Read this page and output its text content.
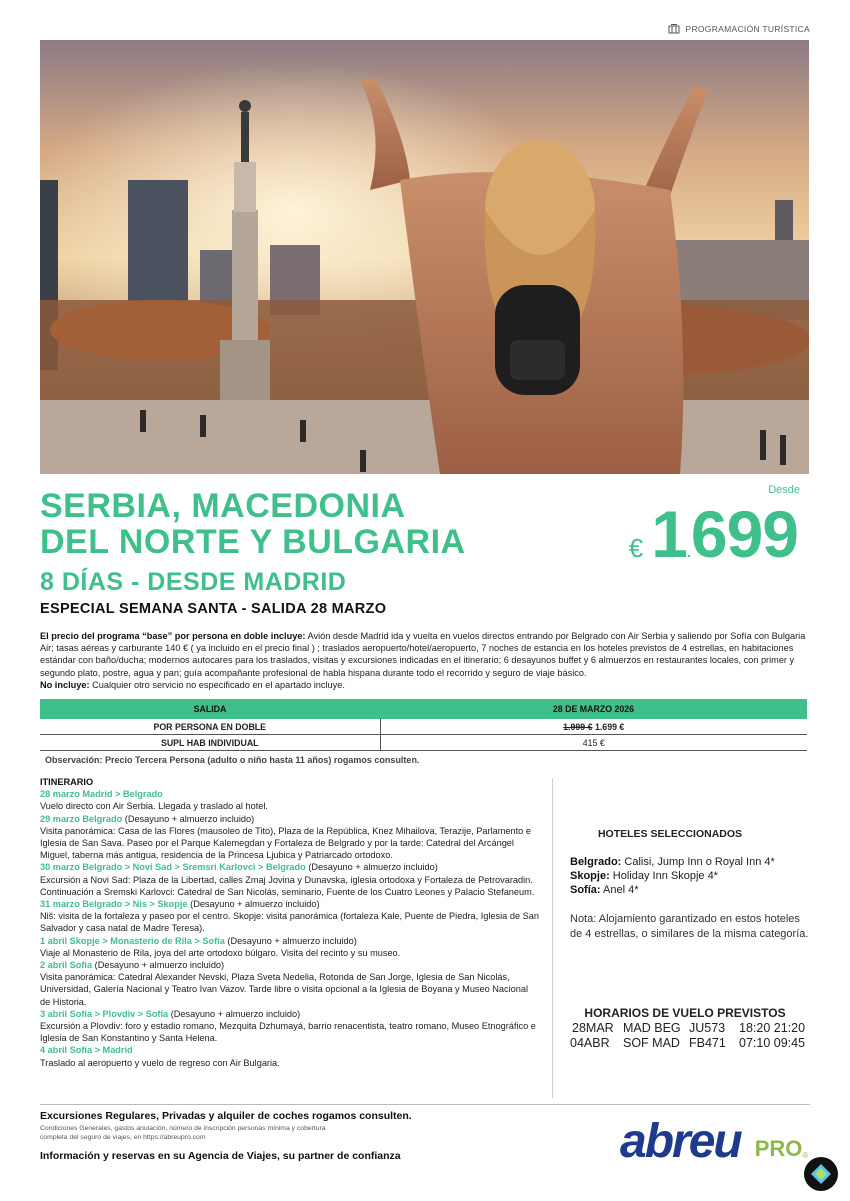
PROGRAMACIÓN TURÍSTICA
SERBIA, MACEDONIA
DEL NORTE Y BULGARIA
8 DÍAS - DESDE MADRID
ESPECIAL SEMANA SANTA - SALIDA 28 MARZO
Desde
€ 1 . 699
El precio del programa “base” por persona en doble incluye: Avión desde Madrid ida y vuelta en vuelos directos entrando por Belgrado con Air Serbia y saliendo por Sofía con Bulgaria Air; tasas aéreas y carburante 140 € ( ya incluido en el precio final ) ; traslados aeropuerto/hotel/aeropuerto, 7 noches de estancia en los hoteles previstos de 4 estrellas, en habitaciones estándar con baño/ducha; modernos autocares para los traslados, visitas y excursiones indicadas en el itinerario; 6 desayunos buffet y 6 almuerzos en restaurantes locales, con primer y segundo plato, postre, agua y pan; guía acompañante profesional de habla hispana durante todo el recorrido y seguro de viaje básico.
No incluye: Cualquier otro servicio no especificado en el apartado incluye.
SALIDA	28 DE MARZO 2026
POR PERSONA EN DOBLE	1.999 € 1.699 €
SUPL HAB INDIVIDUAL	415 €
Observación: Precio Tercera Persona (adulto o niño hasta 11 años) rogamos consulten.
ITINERARIO
28 marzo Madrid > Belgrado
Vuelo directo con Air Serbia. Llegada y traslado al hotel.
29 marzo Belgrado (Desayuno + almuerzo incluido)
Visita panorámica: Casa de las Flores (mausoleo de Tito), Plaza de la República, Knez Mihailova, Terazije, Parlamento e Iglesia de San Sava. Paseo por el Parque Kalemegdan y Fortaleza de Belgrado y por la tarde: Catedral del Arcángel Miguel, taberna más antigua, residencia de la Princesa Ljubica y Patriarcado ortodoxo.
30 marzo Belgrado > Novi Sad > Sremsri Karlovci > Belgrado (Desayuno + almuerzo incluido)
Excursión a Novi Sad: Plaza de la Libertad, calles Zmaj Jovina y Dunavska, iglesia ortodoxa y Fortaleza de Petrovaradin. Continuación a Sremski Karlovci: Catedral de San Nicolás, seminario, Fuente de los Cuatro Leones y Palacio Stefaneum.
31 marzo Belgrado > Nis > Skopje (Desayuno + almuerzo incluido)
Niš: visita de la fortaleza y paseo por el centro. Skopje: visita panorámica (fortaleza Kale, Puente de Piedra, Iglesia de San Salvador y casa natal de Madre Teresa).
1 abril Skopje > Monasterio de Rila > Sofía (Desayuno + almuerzo incluido)
Viaje al Monasterio de Rila, joya del arte ortodoxo búlgaro. Visita del recinto y su museo.
2 abril Sofía (Desayuno + almuerzo incluido)
Visita panorámica: Catedral Alexander Nevski, Plaza Sveta Nedelia, Rotonda de San Jorge, Iglesia de San Nicolás, Universidad, Galería Nacional y Teatro Ivan Vazov. Tarde libre o visita opcional a la Iglesia de Boyana y Museo Nacional de Historia.
3 abril Sofía > Plovdiv > Sofía (Desayuno + almuerzo incluido)
Excursión a Plovdiv: foro y estadio romano, Mezquita Dzhumayá, barrio renacentista, teatro romano, Museo Etnográfico e Iglesia de San Konstantino y Santa Helena.
4 abril Sofía > Madrid
Traslado al aeropuerto y vuelo de regreso con Air Bulgaria.
HOTELES SELECCIONADOS
Belgrado: Calisi, Jump Inn o Royal Inn 4*
Skopje: Holiday Inn Skopje 4*
Sofía: Anel 4*
Nota: Alojamiento garantizado en estos hoteles de 4 estrellas, o similares de la misma categoría.
HORARIOS DE VUELO PREVISTOS
28MAR MAD BEG JU573	18:20 21:20
04ABR	SOF MAD FB471	07:10 09:45
Excursiones Regulares, Privadas y alquiler de coches rogamos consulten.
Condiciones Generales, gastos anulación, número de inscripción personas mínima y cobertura completa del seguro de viajes, en https://abreupro.com
Información y reservas en su Agencia de Viajes, su partner de confianza	abreu PRO ®
